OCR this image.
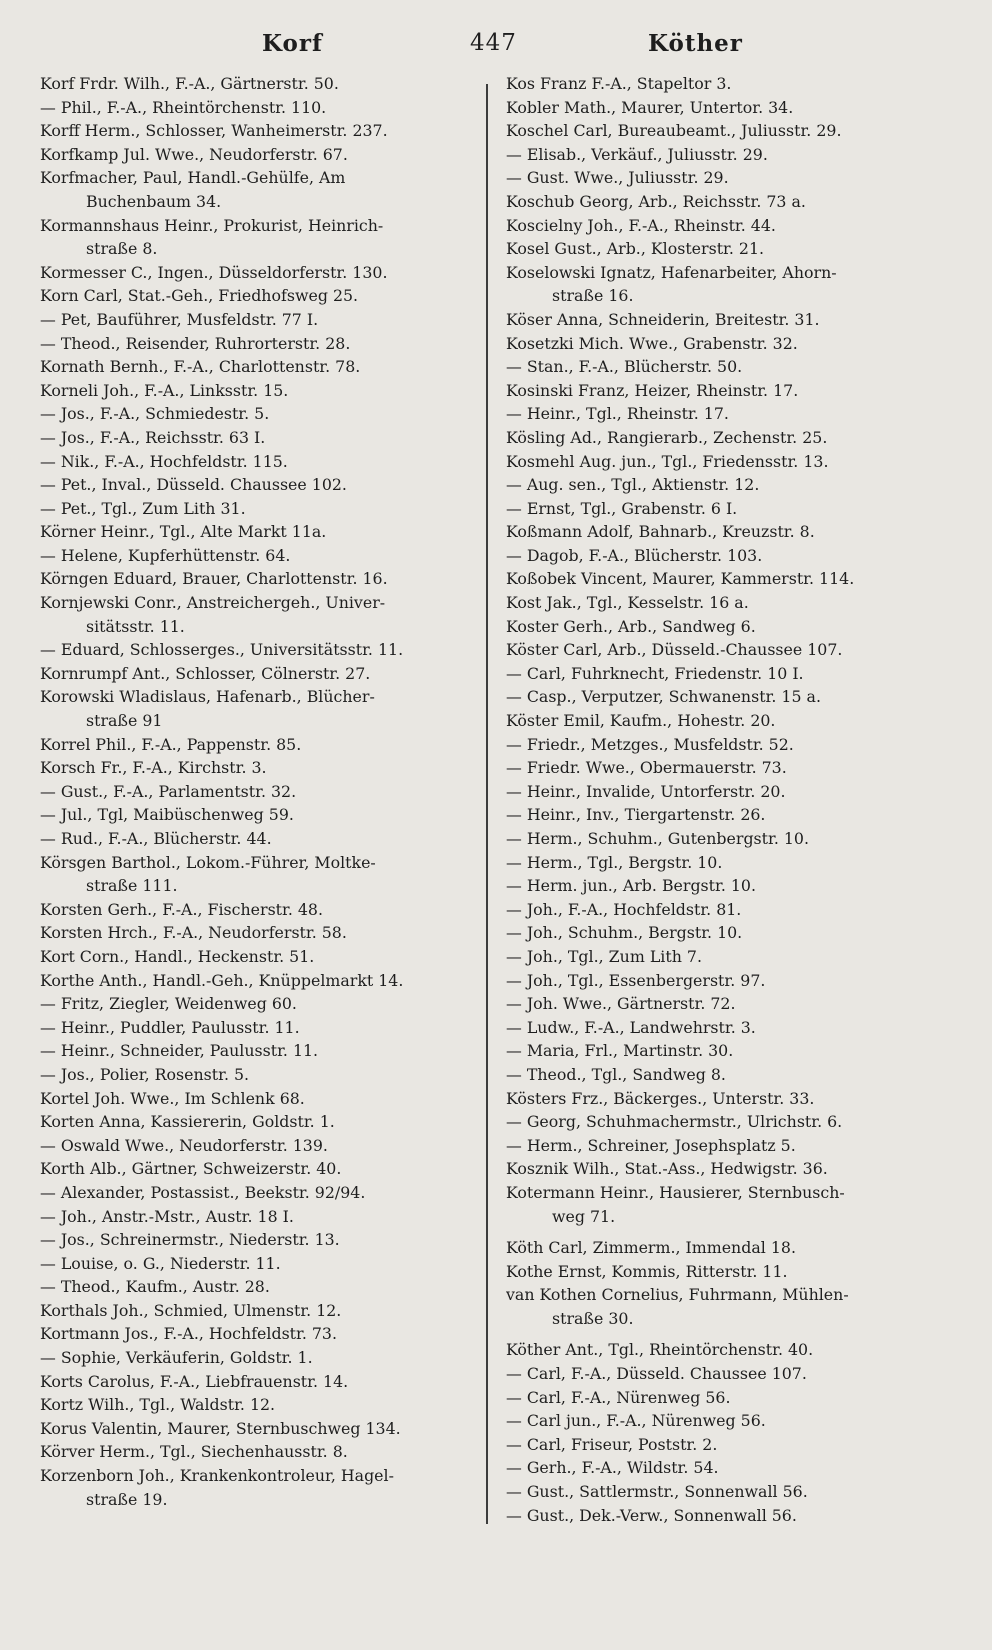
Korf	447	Köther
Korf Frdr. Wilh., F.-A., Gärtnerstr. 50.
— Phil., F.-A., Rheintörchenstr. 110.
Korff Herm., Schlosser, Wanheimerstr. 237.
Korfkamp Jul. Wwe., Neudorferstr. 67.
Korfmacher, Paul, Handl.-Gehülfe, Am
Buchenbaum 34.
Kormannshaus Heinr., Prokurist, Heinrich-
straße 8.
Kormesser C., Ingen., Düsseldorferstr. 130.
Korn Carl, Stat.-Geh., Friedhofsweg 25.
— Pet, Bauführer, Musfeldstr. 77 I.
— Theod., Reisender, Ruhrorterstr. 28.
Kornath Bernh., F.-A., Charlottenstr. 78.
Korneli Joh., F.-A., Linksstr. 15.
— Jos., F.-A., Schmiedestr. 5.
— Jos., F.-A., Reichsstr. 63 I.
— Nik., F.-A., Hochfeldstr. 115.
— Pet., Inval., Düsseld. Chaussee 102.
— Pet., Tgl., Zum Lith 31.
Körner Heinr., Tgl., Alte Markt 11a.
— Helene, Kupferhüttenstr. 64.
Körngen Eduard, Brauer, Charlottenstr. 16.
Kornjewski Conr., Anstreichergeh., Univer-
sitätsstr. 11.
— Eduard, Schlosserges., Universitätsstr. 11.
Kornrumpf Ant., Schlosser, Cölnerstr. 27.
Korowski Wladislaus, Hafenarb., Blücher-
straße 91
Korrel Phil., F.-A., Pappenstr. 85.
Korsch Fr., F.-A., Kirchstr. 3.
— Gust., F.-A., Parlamentstr. 32.
— Jul., Tgl, Maibüschenweg 59.
— Rud., F.-A., Blücherstr. 44.
Körsgen Barthol., Lokom.-Führer, Moltke-
straße 111.
Korsten Gerh., F.-A., Fischerstr. 48.
Korsten Hrch., F.-A., Neudorferstr. 58.
Kort Corn., Handl., Heckenstr. 51.
Korthe Anth., Handl.-Geh., Knüppelmarkt 14.
— Fritz, Ziegler, Weidenweg 60.
— Heinr., Puddler, Paulusstr. 11.
— Heinr., Schneider, Paulusstr. 11.
— Jos., Polier, Rosenstr. 5.
Kortel Joh. Wwe., Im Schlenk 68.
Korten Anna, Kassiererin, Goldstr. 1.
— Oswald Wwe., Neudorferstr. 139.
Korth Alb., Gärtner, Schweizerstr. 40.
— Alexander, Postassist., Beekstr. 92/94.
— Joh., Anstr.-Mstr., Austr. 18 I.
— Jos., Schreinermstr., Niederstr. 13.
— Louise, o. G., Niederstr. 11.
— Theod., Kaufm., Austr. 28.
Korthals Joh., Schmied, Ulmenstr. 12.
Kortmann Jos., F.-A., Hochfeldstr. 73.
— Sophie, Verkäuferin, Goldstr. 1.
Korts Carolus, F.-A., Liebfrauenstr. 14.
Kortz Wilh., Tgl., Waldstr. 12.
Korus Valentin, Maurer, Sternbuschweg 134.
Körver Herm., Tgl., Siechenhausstr. 8.
Korzenborn Joh., Krankenkontroleur, Hagel-
straße 19.
Kos Franz F.-A., Stapeltor 3.
Kobler Math., Maurer, Untertor. 34.
Koschel Carl, Bureaubeamt., Juliusstr. 29.
— Elisab., Verkäuf., Juliusstr. 29.
— Gust. Wwe., Juliusstr. 29.
Koschub Georg, Arb., Reichsstr. 73 a.
Koscielny Joh., F.-A., Rheinstr. 44.
Kosel Gust., Arb., Klosterstr. 21.
Koselowski Ignatz, Hafenarbeiter, Ahorn-
straße 16.
Köser Anna, Schneiderin, Breitestr. 31.
Kosetzki Mich. Wwe., Grabenstr. 32.
— Stan., F.-A., Blücherstr. 50.
Kosinski Franz, Heizer, Rheinstr. 17.
— Heinr., Tgl., Rheinstr. 17.
Kösling Ad., Rangierarb., Zechenstr. 25.
Kosmehl Aug. jun., Tgl., Friedensstr. 13.
— Aug. sen., Tgl., Aktienstr. 12.
— Ernst, Tgl., Grabenstr. 6 I.
Koßmann Adolf, Bahnarb., Kreuzstr. 8.
— Dagob, F.-A., Blücherstr. 103.
Koßobek Vincent, Maurer, Kammerstr. 114.
Kost Jak., Tgl., Kesselstr. 16 a.
Koster Gerh., Arb., Sandweg 6.
Köster Carl, Arb., Düsseld.-Chaussee 107.
— Carl, Fuhrknecht, Friedenstr. 10 I.
— Casp., Verputzer, Schwanenstr. 15 a.
Köster Emil, Kaufm., Hohestr. 20.
— Friedr., Metzges., Musfeldstr. 52.
— Friedr. Wwe., Obermauerstr. 73.
— Heinr., Invalide, Untorferstr. 20.
— Heinr., Inv., Tiergartenstr. 26.
— Herm., Schuhm., Gutenbergstr. 10.
— Herm., Tgl., Bergstr. 10.
— Herm. jun., Arb. Bergstr. 10.
— Joh., F.-A., Hochfeldstr. 81.
— Joh., Schuhm., Bergstr. 10.
— Joh., Tgl., Zum Lith 7.
— Joh., Tgl., Essenbergerstr. 97.
— Joh. Wwe., Gärtnerstr. 72.
— Ludw., F.-A., Landwehrstr. 3.
— Maria, Frl., Martinstr. 30.
— Theod., Tgl., Sandweg 8.
Kösters Frz., Bäckerges., Unterstr. 33.
— Georg, Schuhmachermstr., Ulrichstr. 6.
— Herm., Schreiner, Josephsplatz 5.
Kosznik Wilh., Stat.-Ass., Hedwigstr. 36.
Kotermann Heinr., Hausierer, Sternbusch-
weg 71.
Köth Carl, Zimmerm., Immendal 18.
Kothe Ernst, Kommis, Ritterstr. 11.
van Kothen Cornelius, Fuhrmann, Mühlen-
straße 30.
Köther Ant., Tgl., Rheintörchenstr. 40.
— Carl, F.-A., Düsseld. Chaussee 107.
— Carl, F.-A., Nürenweg 56.
— Carl jun., F.-A., Nürenweg 56.
— Carl, Friseur, Poststr. 2.
— Gerh., F.-A., Wildstr. 54.
— Gust., Sattlermstr., Sonnenwall 56.
— Gust., Dek.-Verw., Sonnenwall 56.
